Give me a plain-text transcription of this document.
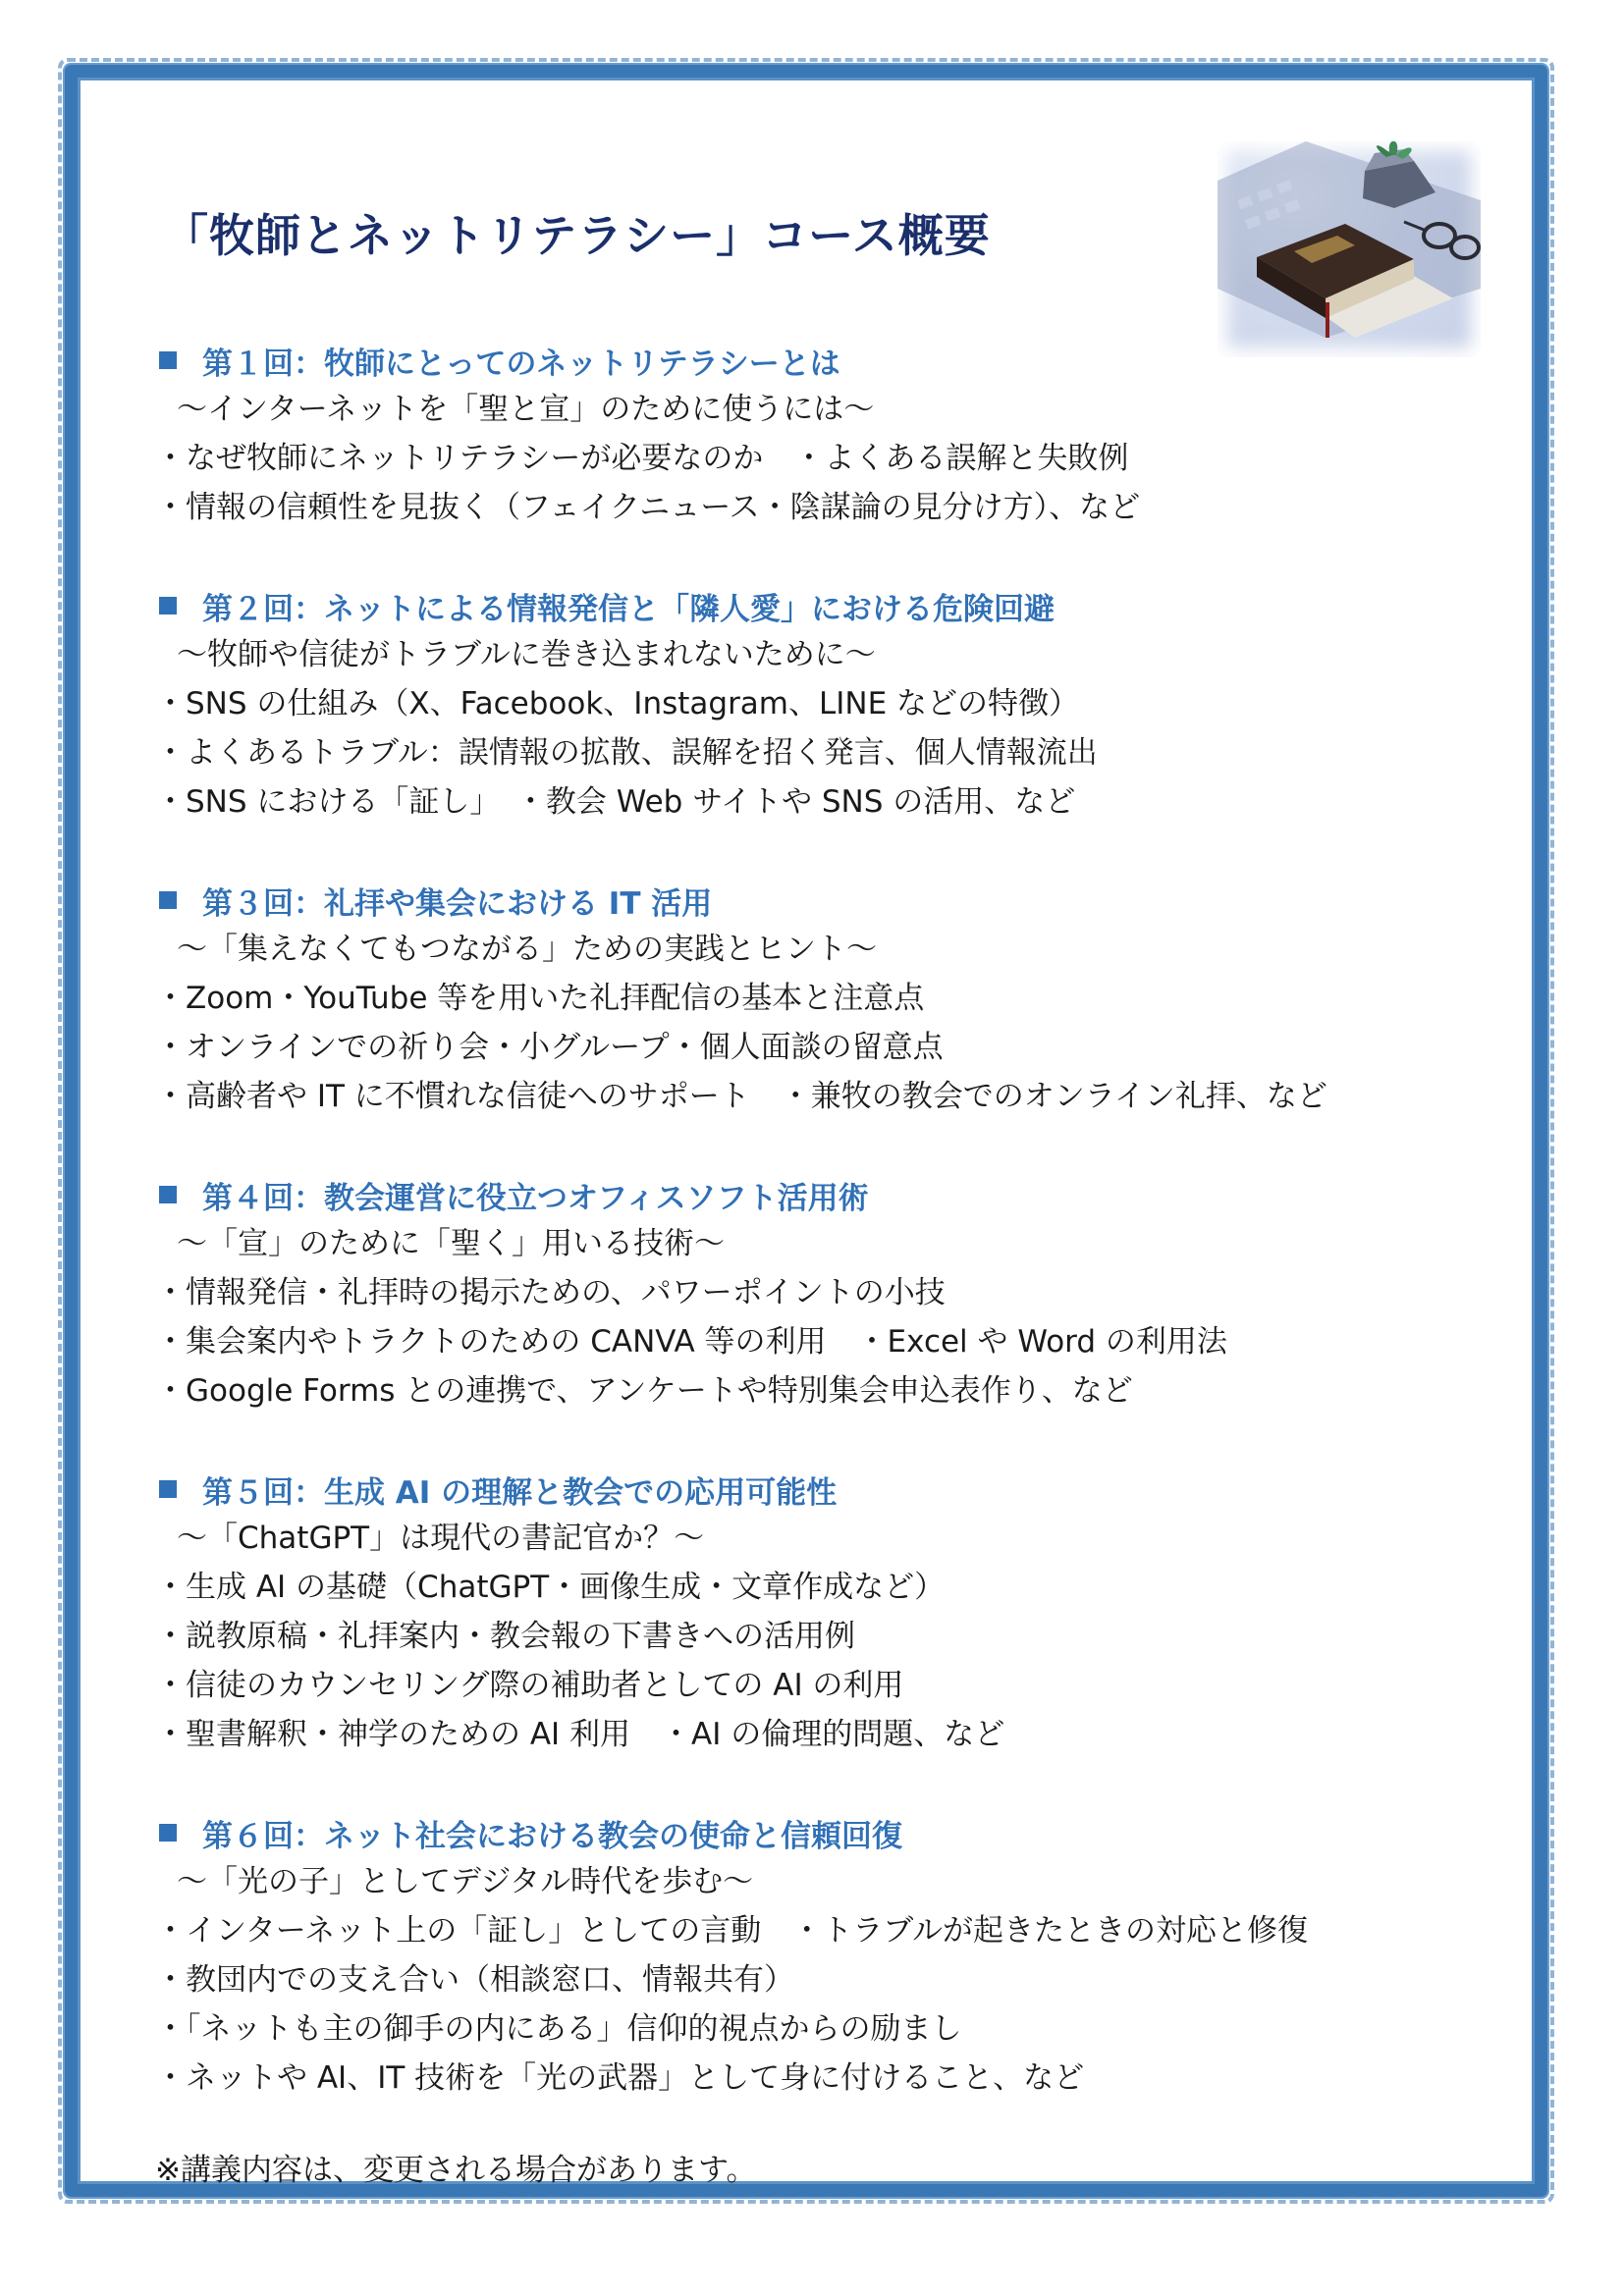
「牧師とネットリテラシー」コース概要
第１回：牧師にとってのネットリテラシーとは
〜インターネットを「聖と宣」のために使うには〜
・なぜ牧師にネットリテラシーが必要なのか　・よくある誤解と失敗例
・情報の信頼性を見抜く（フェイクニュース・陰謀論の見分け方）、など
第２回：ネットによる情報発信と「隣人愛」における危険回避
〜牧師や信徒がトラブルに巻き込まれないために〜
・SNS の仕組み（X、Facebook、Instagram、LINE などの特徴）
・よくあるトラブル：誤情報の拡散、誤解を招く発言、個人情報流出
・SNS における「証し」　・教会 Web サイトや SNS の活用、など
第３回：礼拝や集会における IT 活用
〜「集えなくてもつながる」ための実践とヒント〜
・Zoom・YouTube 等を用いた礼拝配信の基本と注意点
・オンラインでの祈り会・小グループ・個人面談の留意点
・高齢者や IT に不慣れな信徒へのサポート　・兼牧の教会でのオンライン礼拝、など
第４回：教会運営に役立つオフィスソフト活用術
〜「宣」のために「聖く」用いる技術〜
・情報発信・礼拝時の掲示ための、パワーポイントの小技
・集会案内やトラクトのための CANVA 等の利用　・Excel や Word の利用法
・Google Forms との連携で、アンケートや特別集会申込表作り、など
第５回：生成 AI の理解と教会での応用可能性
〜「ChatGPT」は現代の書記官か？〜
・生成 AI の基礎（ChatGPT・画像生成・文章作成など）
・説教原稿・礼拝案内・教会報の下書きへの活用例
・信徒のカウンセリング際の補助者としての AI の利用
・聖書解釈・神学のための AI 利用　・AI の倫理的問題、など
第６回：ネット社会における教会の使命と信頼回復
〜「光の子」としてデジタル時代を歩む〜
・インターネット上の「証し」としての言動　・トラブルが起きたときの対応と修復
・教団内での支え合い（相談窓口、情報共有）
・「ネットも主の御手の内にある」信仰的視点からの励まし
・ネットや AI、IT 技術を「光の武器」として身に付けること、など
※講義内容は、変更される場合があります。
